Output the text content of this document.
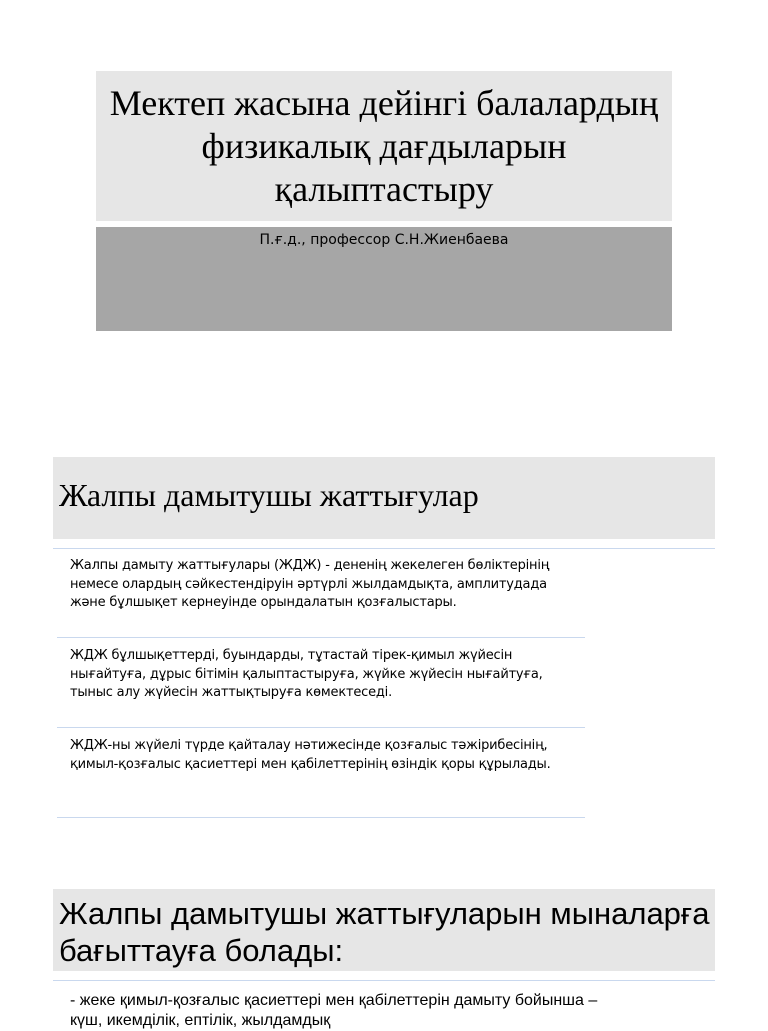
Мектеп жасына дейінгі балалардың физикалық дағдыларын қалыптастыру
П.ғ.д., профессор С.Н.Жиенбаева
Жалпы дамытушы жаттығулар
Жалпы дамыту жаттығулары (ЖДЖ) - дененің жекелеген бөліктерінің немесе олардың сәйкестендіруін әртүрлі жылдамдықта, амплитудада және бұлшықет кернеуінде орындалатын қозғалыстары.
ЖДЖ бұлшықеттерді, буындарды, тұтастай тірек-қимыл жүйесін нығайтуға, дұрыс бітімін қалыптастыруға, жүйке жүйесін нығайтуға, тыныс алу жүйесін жаттықтыруға көмектеседі.
ЖДЖ-ны жүйелі түрде қайталау нәтижесінде қозғалыс тәжірибесінің, қимыл-қозғалыс қасиеттері мен қабілеттерінің өзіндік қоры құрылады.
Жалпы дамытушы жаттығуларын мыналарға бағыттауға болады:
- жеке қимыл-қозғалыс қасиеттері мен қабілеттерін дамыту бойынша – күш, икемділік, ептілік, жылдамдық
